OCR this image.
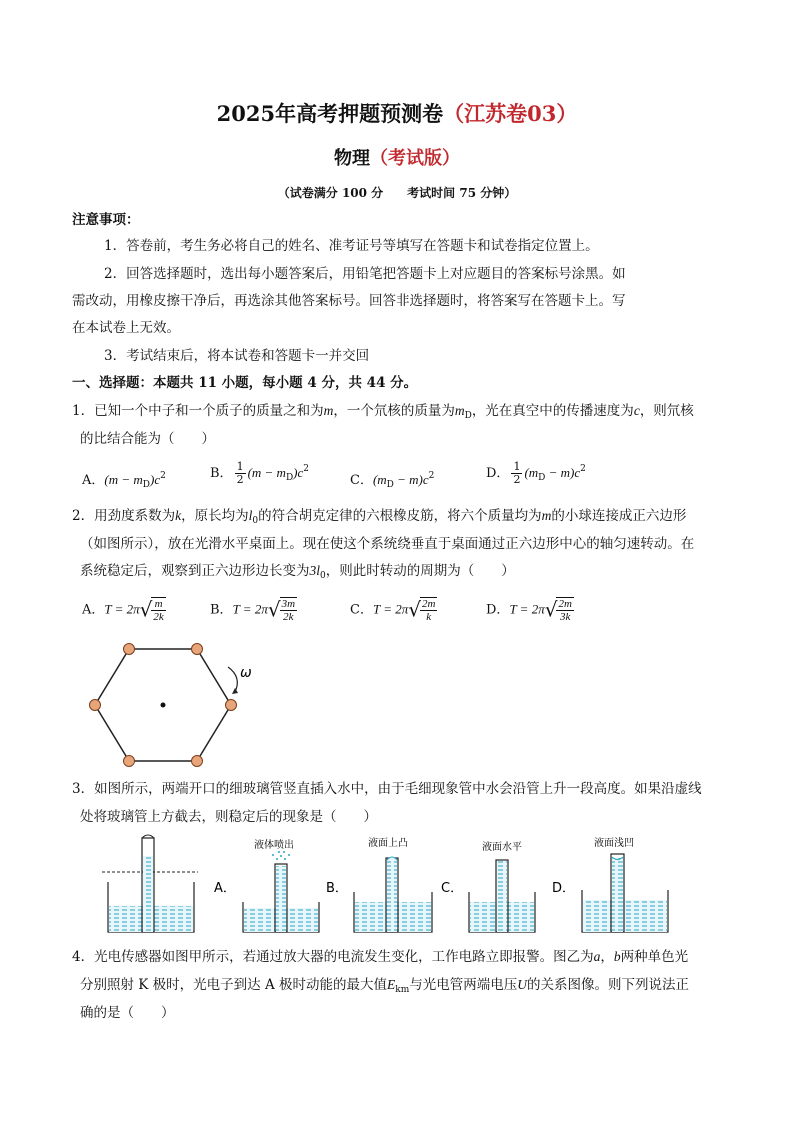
2025年高考押题预测卷（江苏卷03）
物理（考试版）
（试卷满分 100 分　　考试时间 75 分钟）
注意事项：
1．答卷前，考生务必将自己的姓名、准考证号等填写在答题卡和试卷指定位置上。
2．回答选择题时，选出每小题答案后，用铅笔把答题卡上对应题目的答案标号涂黑。如
需改动，用橡皮擦干净后，再选涂其他答案标号。回答非选择题时，将答案写在答题卡上。写
在本试卷上无效。
3．考试结束后，将本试卷和答题卡一并交回
一、选择题：本题共 11 小题，每小题 4 分，共 44 分。
1．已知一个中子和一个质子的质量之和为m，一个氘核的质量为$m_D$，光在真空中的传播速度为c，则氘核
的比结合能为（　　）
A．$(m - m_D)c^2$	B． $\frac{1}{2} (m - m_D)c^2$
C．$(m_D - m)c^2$	D． $\frac{1}{2} (m_D - m)c^2$
2．用劲度系数为k，原长均为$l_0$的符合胡克定律的六根橡皮筋，将六个质量均为m的小球连接成正六边形
（如图所示），放在光滑水平桌面上。现在使这个系统绕垂直于桌面通过正六边形中心的轴匀速转动。在
系统稳定后，观察到正六边形边长变为$3l_0$，则此时转动的周期为（　　）
A．$T = 2\pi√ \frac{m}{2k}$	B．$T = 2\pi√ \frac{3m}{2k}$	C．$T = 2\pi√ \frac{2m}{k}$	D．$T = 2\pi√ \frac{2m}{3k}$
ω
3．如图所示，两端开口的细玻璃管竖直插入水中，由于毛细现象管中水会沿管上升一段高度。如果沿虚线
处将玻璃管上方截去，则稳定后的现象是（　　）
A．
液体喷出
B．
液面上凸
C．
液面水平
D．
液面浅凹
4．光电传感器如图甲所示，若通过放大器的电流发生变化，工作电路立即报警。图乙为a，b两种单色光
分别照射 K 极时，光电子到达 A 极时动能的最大值$E_{km}$与光电管两端电压U的关系图像。则下列说法正
确的是（　　）
